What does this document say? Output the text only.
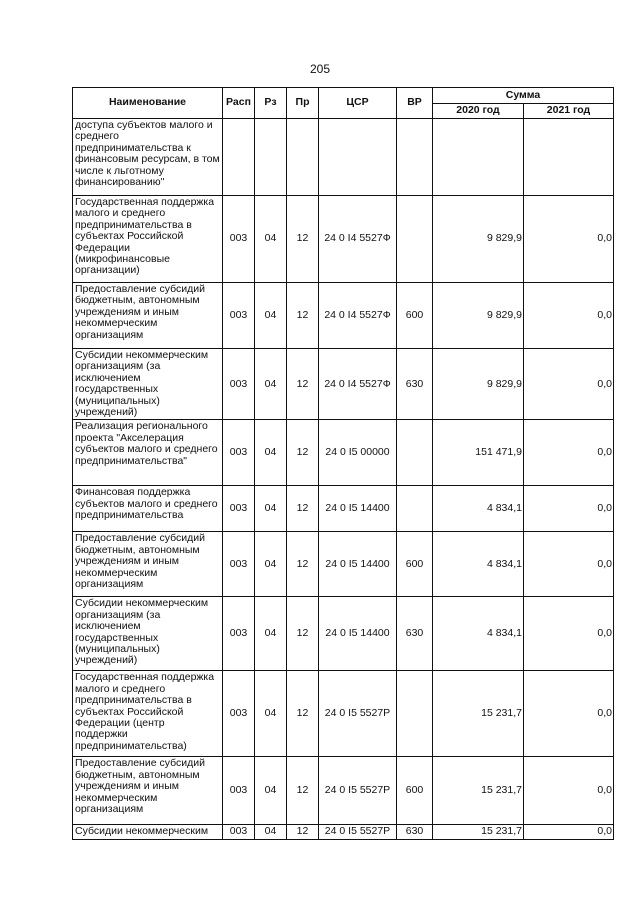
205
Наименование	Расп	Рз	Пр	ЦСР	ВР	Сумма	
						2020 год	2021 год
доступа субъектов малого и среднего предпринимательства к финансовым ресурсам, в том числе к льготному финансированию"							
Государственная поддержка малого и среднего предпринимательства в субъектах Российской Федерации (микрофинансовые организации)	003	04	12	24 0 I4 5527Ф		9 829,9	0,0
Предоставление субсидий бюджетным, автономным учреждениям и иным некоммерческим организациям	003	04	12	24 0 I4 5527Ф	600	9 829,9	0,0
Субсидии некоммерческим организациям (за исключением государственных (муниципальных) учреждений)	003	04	12	24 0 I4 5527Ф	630	9 829,9	0,0
Реализация регионального проекта "Акселерация субъектов малого и среднего предпринимательства"	003	04	12	24 0 I5 00000		151 471,9	0,0
Финансовая поддержка субъектов малого и среднего предпринимательства	003	04	12	24 0 I5 14400		4 834,1	0,0
Предоставление субсидий бюджетным, автономным учреждениям и иным некоммерческим организациям	003	04	12	24 0 I5 14400	600	4 834,1	0,0
Субсидии некоммерческим организациям (за исключением государственных (муниципальных) учреждений)	003	04	12	24 0 I5 14400	630	4 834,1	0,0
Государственная поддержка малого и среднего предпринимательства в субъектах Российской Федерации (центр поддержки предпринимательства)	003	04	12	24 0 I5 5527Р		15 231,7	0,0
Предоставление субсидий бюджетным, автономным учреждениям и иным некоммерческим организациям	003	04	12	24 0 I5 5527Р	600	15 231,7	0,0
Субсидии некоммерческим	003	04	12	24 0 I5 5527Р	630	15 231,7	0,0
